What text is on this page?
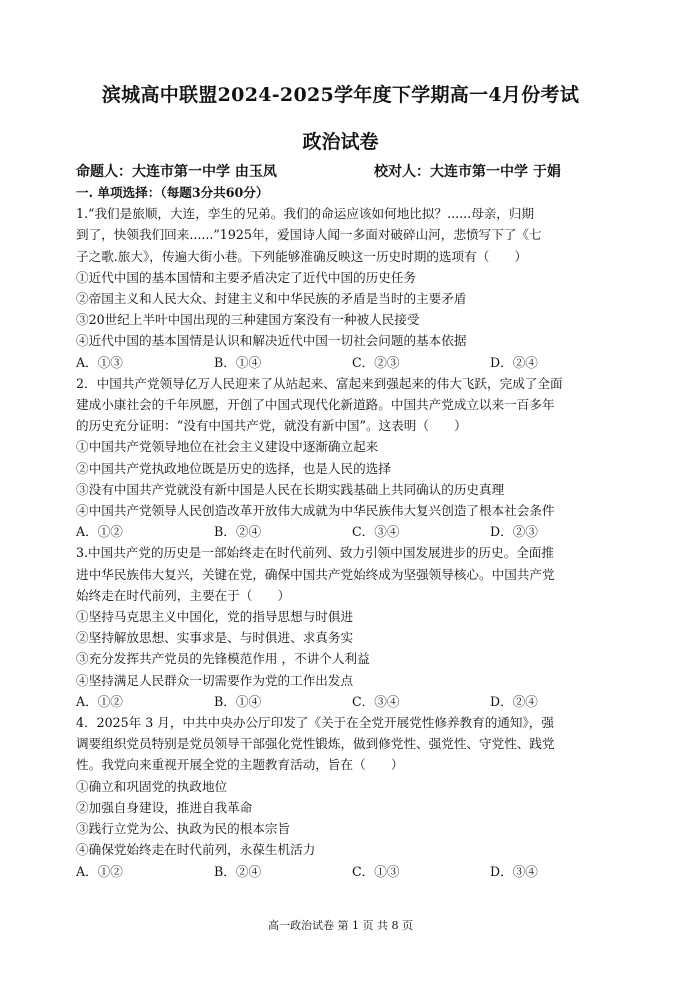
滨城高中联盟2024-2025学年度下学期高一4月份考试
政治试卷
命题人：大连市第一中学 由玉凤	校对人：大连市第一中学 于娟

一. 单项选择：（每题3分共60分）

1.“我们是旅顺，大连，孪生的兄弟。我们的命运应该如何地比拟？......母亲，归期

到了，快领我们回来......”1925年，爱国诗人闻一多面对破碎山河，悲愤写下了《七

子之歌.旅大》，传遍大街小巷。下列能够准确反映这一历史时期的选项有（　　）

①近代中国的基本国情和主要矛盾决定了近代中国的历史任务

②帝国主义和人民大众、封建主义和中华民族的矛盾是当时的主要矛盾

③20世纪上半叶中国出现的三种建国方案没有一种被人民接受

④近代中国的基本国情是认识和解决近代中国一切社会问题的基本依据

A．①③	B．①④	C．②③	D．②④

2．中国共产党领导亿万人民迎来了从站起来、富起来到强起来的伟大飞跃，完成了全面

建成小康社会的千年夙愿，开创了中国式现代化新道路。中国共产党成立以来一百多年

的历史充分证明：“没有中国共产党，就没有新中国”。这表明（　　）

①中国共产党领导地位在社会主义建设中逐渐确立起来

②中国共产党执政地位既是历史的选择，也是人民的选择

③没有中国共产党就没有新中国是人民在长期实践基础上共同确认的历史真理

④中国共产党领导人民创造改革开放伟大成就为中华民族伟大复兴创造了根本社会条件

A．①②	B．②④	C．③④	D．②③

3.中国共产党的历史是一部始终走在时代前列、致力引领中国发展进步的历史。全面推

进中华民族伟大复兴，关键在党，确保中国共产党始终成为坚强领导核心。中国共产党

始终走在时代前列，主要在于（　　）

①坚持马克思主义中国化，党的指导思想与时俱进

②坚持解放思想、实事求是、与时俱进、求真务实

③充分发挥共产党员的先锋模范作用 ，不讲个人利益

④坚持满足人民群众一切需要作为党的工作出发点

A．①②	B．①④	C．③④	D．②④

4．2025年 3 月，中共中央办公厅印发了《关于在全党开展党性修养教育的通知》，强

调要组织党员特别是党员领导干部强化党性锻炼，做到修党性、强党性、守党性、践党

性。我党向来重视开展全党的主题教育活动，旨在（　　）

①确立和巩固党的执政地位

②加强自身建设，推进自我革命

③践行立党为公、执政为民的根本宗旨

④确保党始终走在时代前列，永葆生机活力

A．①②	B．②④	C．①③	D．③④

高一政治试卷 第 1 页 共 8 页
